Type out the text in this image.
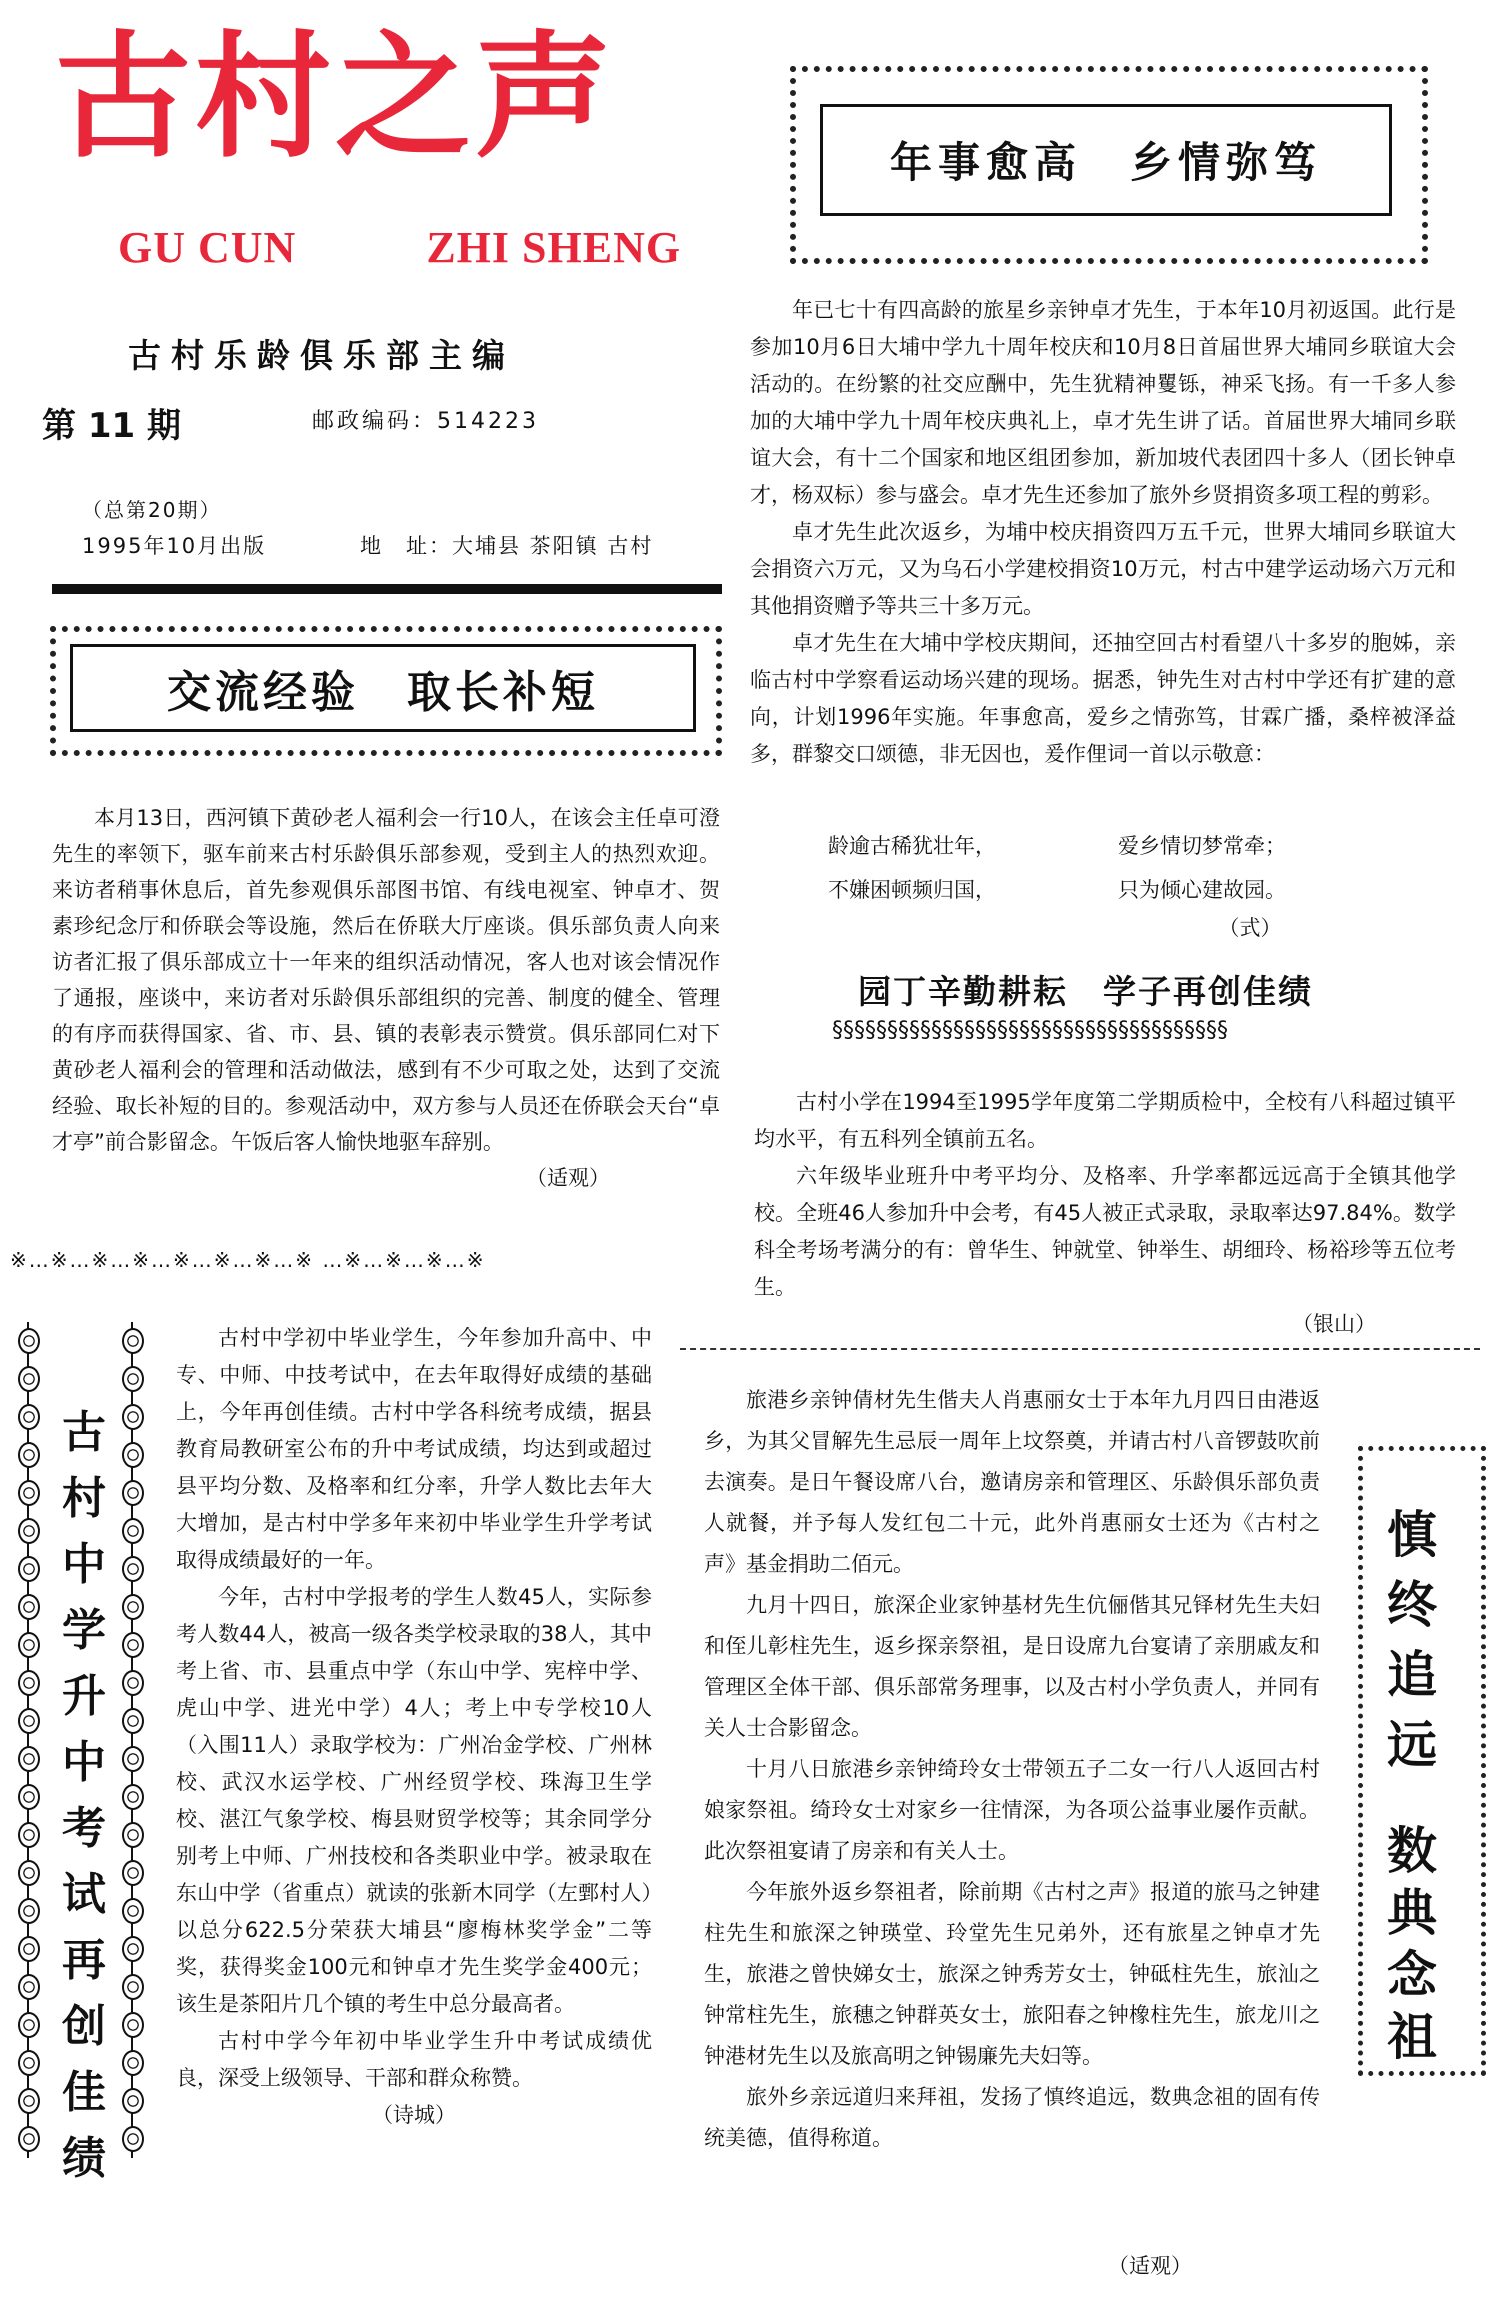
古村之声
GU CUN	ZHI SHENG
古村乐龄俱乐部主编
第 11 期	邮政编码：514223
（总第20期）
1995年10月出版	地　址：大埔县 茶阳镇 古村
交流经验　取长补短

本月13日，西河镇下黄砂老人福利会一行10人，在该会主任卓可澄先生的率领下，驱车前来古村乐龄俱乐部参观，受到主人的热烈欢迎。来访者稍事休息后，首先参观俱乐部图书馆、有线电视室、钟卓才、贺素珍纪念厅和侨联会等设施，然后在侨联大厅座谈。俱乐部负责人向来访者汇报了俱乐部成立十一年来的组织活动情况，客人也对该会情况作了通报，座谈中，来访者对乐龄俱乐部组织的完善、制度的健全、管理的有序而获得国家、省、市、县、镇的表彰表示赞赏。俱乐部同仁对下黄砂老人福利会的管理和活动做法，感到有不少可取之处，达到了交流经验、取长补短的目的。参观活动中，双方参与人员还在侨联会天台“卓才亭”前合影留念。午饭后客人愉快地驱车辞别。

（适观）
※…※…※…※…※…※…※…※ …※…※…※…※
古
村
中
学
升
中
考
试
再
创
佳
绩

古村中学初中毕业学生，今年参加升高中、中专、中师、中技考试中，在去年取得好成绩的基础上，今年再创佳绩。古村中学各科统考成绩，据县教育局教研室公布的升中考试成绩，均达到或超过县平均分数、及格率和红分率，升学人数比去年大大增加，是古村中学多年来初中毕业学生升学考试取得成绩最好的一年。

今年，古村中学报考的学生人数45人，实际参考人数44人，被高一级各类学校录取的38人，其中考上省、市、县重点中学（东山中学、宪梓中学、虎山中学、进光中学）4人；考上中专学校10人（入围11人）录取学校为：广州冶金学校、广州林校、武汉水运学校、广州经贸学校、珠海卫生学校、湛江气象学校、梅县财贸学校等；其余同学分别考上中师、广州技校和各类职业中学。被录取在东山中学（省重点）就读的张新木同学（左鄄村人）以总分622.5分荣获大埔县“廖梅林奖学金”二等奖，获得奖金100元和钟卓才先生奖学金400元；该生是茶阳片几个镇的考生中总分最高者。

古村中学今年初中毕业学生升中考试成绩优良，深受上级领导、干部和群众称赞。

（诗城）
年事愈高　乡情弥笃

年已七十有四高龄的旅星乡亲钟卓才先生，于本年10月初返国。此行是参加10月6日大埔中学九十周年校庆和10月8日首届世界大埔同乡联谊大会活动的。在纷繁的社交应酬中，先生犹精神矍铄，神采飞扬。有一千多人参加的大埔中学九十周年校庆典礼上，卓才先生讲了话。首届世界大埔同乡联谊大会，有十二个国家和地区组团参加，新加坡代表团四十多人（团长钟卓才，杨双标）参与盛会。卓才先生还参加了旅外乡贤捐资多项工程的剪彩。

卓才先生此次返乡，为埔中校庆捐资四万五千元，世界大埔同乡联谊大会捐资六万元，又为乌石小学建校捐资10万元，村古中建学运动场六万元和其他捐资赠予等共三十多万元。

卓才先生在大埔中学校庆期间，还抽空回古村看望八十多岁的胞姊，亲临古村中学察看运动场兴建的现场。据悉，钟先生对古村中学还有扩建的意向，计划1996年实施。年事愈高，爱乡之情弥笃，甘霖广播，桑梓被泽益多，群黎交口颂德，非无因也，爰作俚词一首以示敬意：

龄逾古稀犹壮年，
不嫌困顿频归国，
爱乡情切梦常牵；
只为倾心建故园。
（式）
园丁辛勤耕耘　学子再创佳绩
§§§§§§§§§§§§§§§§§§§§§§§§§§§§§§§§§§§§

古村小学在1994至1995学年度第二学期质检中，全校有八科超过镇平均水平，有五科列全镇前五名。

六年级毕业班升中考平均分、及格率、升学率都远远高于全镇其他学校。全班46人参加升中会考，有45人被正式录取，录取率达97.84%。数学科全考场考满分的有：曾华生、钟就堂、钟举生、胡细玲、杨裕珍等五位考生。

（银山）

旅港乡亲钟倩材先生偕夫人肖惠丽女士于本年九月四日由港返乡，为其父冒解先生忌辰一周年上坟祭奠，并请古村八音锣鼓吹前去演奏。是日午餐设席八台，邀请房亲和管理区、乐龄俱乐部负责人就餐，并予每人发红包二十元，此外肖惠丽女士还为《古村之声》基金捐助二佰元。

九月十四日，旅深企业家钟基材先生伉俪偕其兄铎材先生夫妇和侄儿彰柱先生，返乡探亲祭祖，是日设席九台宴请了亲朋戚友和管理区全体干部、俱乐部常务理事，以及古村小学负责人，并同有关人士合影留念。

十月八日旅港乡亲钟绮玲女士带领五子二女一行八人返回古村娘家祭祖。绮玲女士对家乡一往情深，为各项公益事业屡作贡献。此次祭祖宴请了房亲和有关人士。

今年旅外返乡祭祖者，除前期《古村之声》报道的旅马之钟建柱先生和旅深之钟瑛堂、玲堂先生兄弟外，还有旅星之钟卓才先生，旅港之曾快娣女士，旅深之钟秀芳女士，钟砥柱先生，旅汕之钟常柱先生，旅穗之钟群英女士，旅阳春之钟橡柱先生，旅龙川之钟港材先生以及旅高明之钟锡廉先夫妇等。

旅外乡亲远道归来拜祖，发扬了慎终追远，数典念祖的固有传统美德，值得称道。

慎
终
追
远
数
典
念
祖
（适观）
